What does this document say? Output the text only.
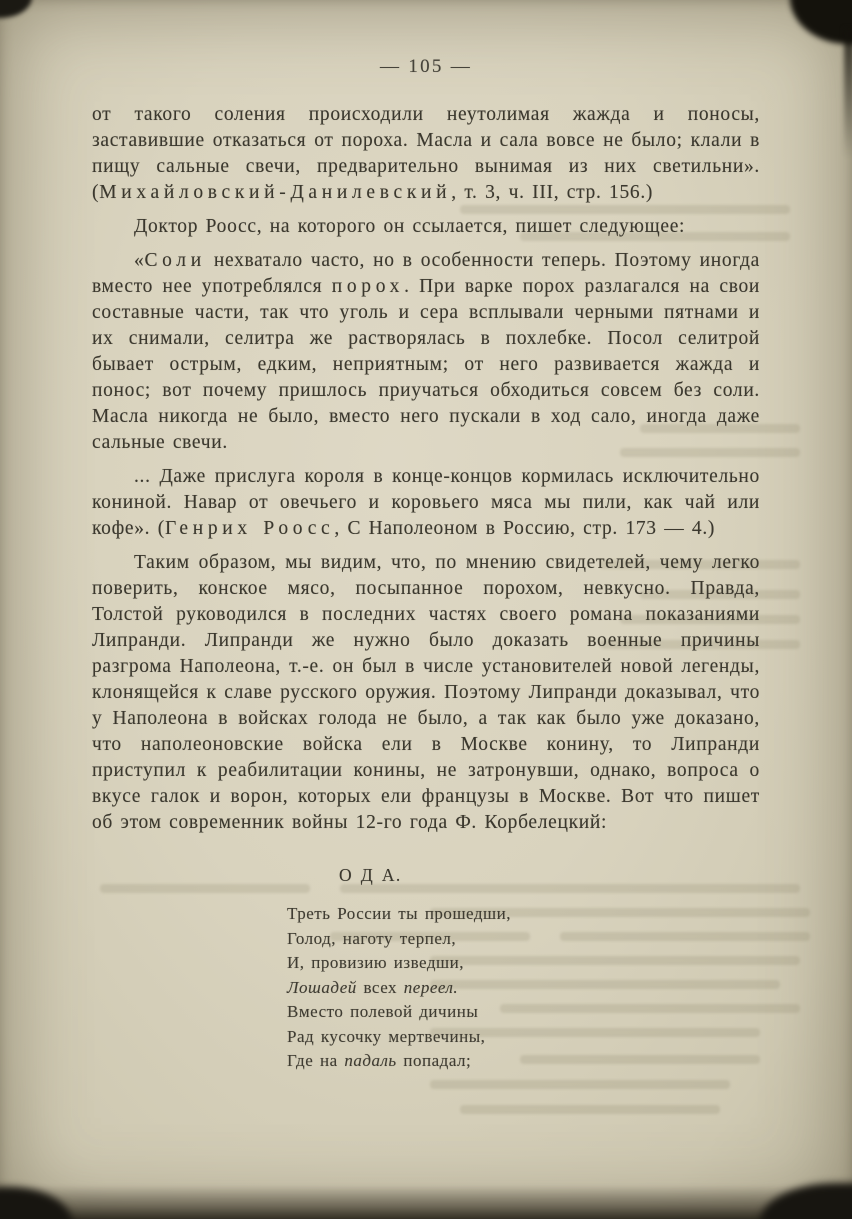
— 105 —

от такого соления происходили неутолимая жажда и поносы, заставившие отказаться от пороха. Масла и сала вовсе не было; клали в пищу сальные свечи, предварительно вынимая из них светильни». (Михайловский-Данилевский, т. 3, ч. III, стр. 156.)

Доктор Роосс, на которого он ссылается, пишет следующее:

«Соли нехватало часто, но в особенности теперь. Поэтому иногда вместо нее употреблялся порох. При варке порох разлагался на свои составные части, так что уголь и сера всплывали черными пятнами и их снимали, селитра же растворялась в похлебке. Посол селитрой бывает острым, едким, неприятным; от него развивается жажда и понос; вот почему пришлось приучаться обходиться совсем без соли. Масла никогда не было, вместо него пускали в ход сало, иногда даже сальные свечи.

... Даже прислуга короля в конце-концов кормилась исключительно кониной. Навар от овечьего и коровьего мяса мы пили, как чай или кофе». (Генрих Роосс, С Наполеоном в Россию, стр. 173 — 4.)

Таким образом, мы видим, что, по мнению свидетелей, чему легко поверить, конское мясо, посыпанное порохом, невкусно. Правда, Толстой руководился в последних частях своего романа показаниями Липранди. Липранди же нужно было доказать военные причины разгрома Наполеона, т.-е. он был в числе установителей новой легенды, клонящейся к славе русского оружия. Поэтому Липранди доказывал, что у Наполеона в войсках голода не было, а так как было уже доказано, что наполеоновские войска ели в Москве конину, то Липранди приступил к реабилитации конины, не затронувши, однако, вопроса о вкусе галок и ворон, которых ели французы в Москве. Вот что пишет об этом современник войны 12-го года Ф. Корбелецкий:

О Д А.
Треть России ты прошедши,
Голод, наготу терпел,
И, провизию изведши,
Лошадей всех переел.
Вместо полевой дичины
Рад кусочку мертвечины,
Где на падаль попадал;
